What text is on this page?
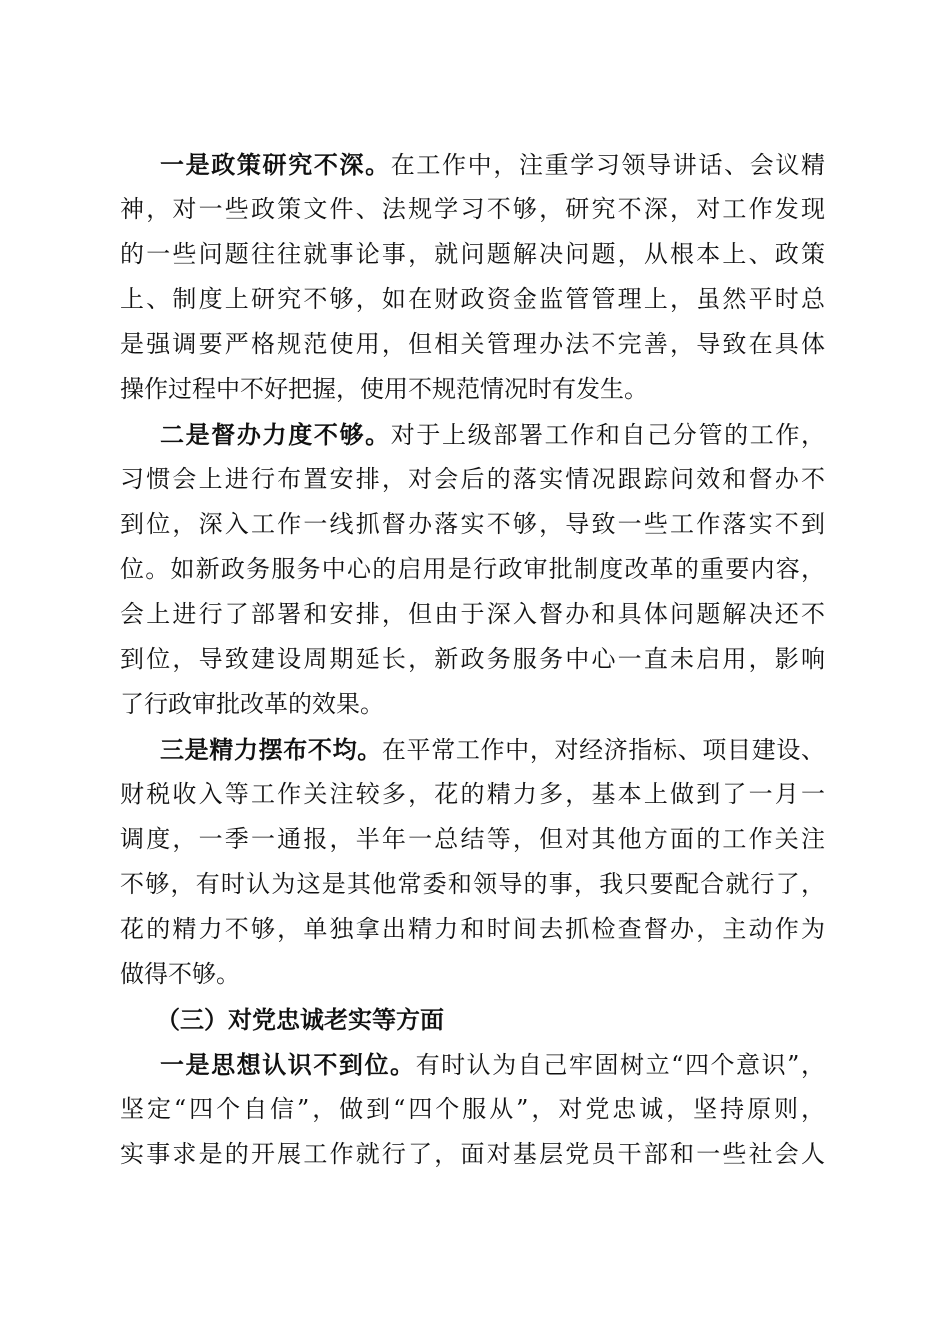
一是政策研究不深。在工作中，注重学习领导讲话、会议精
神，对一些政策文件、法规学习不够，研究不深，对工作发现
的一些问题往往就事论事，就问题解决问题，从根本上、政策
上、制度上研究不够，如在财政资金监管管理上，虽然平时总
是强调要严格规范使用，但相关管理办法不完善，导致在具体
操作过程中不好把握，使用不规范情况时有发生。
二是督办力度不够。对于上级部署工作和自己分管的工作，
习惯会上进行布置安排，对会后的落实情况跟踪问效和督办不
到位，深入工作一线抓督办落实不够，导致一些工作落实不到
位。如新政务服务中心的启用是行政审批制度改革的重要内容，
会上进行了部署和安排，但由于深入督办和具体问题解决还不
到位，导致建设周期延长，新政务服务中心一直未启用，影响
了行政审批改革的效果。
三是精力摆布不均。在平常工作中，对经济指标、项目建设、
财税收入等工作关注较多，花的精力多，基本上做到了一月一
调度，一季一通报，半年一总结等，但对其他方面的工作关注
不够，有时认为这是其他常委和领导的事，我只要配合就行了，
花的精力不够，单独拿出精力和时间去抓检查督办，主动作为
做得不够。
（三）对党忠诚老实等方面
一是思想认识不到位。有时认为自己牢固树立“四个意识”，
坚定“四个自信”，做到“四个服从”，对党忠诚，坚持原则，
实事求是的开展工作就行了，面对基层党员干部和一些社会人
